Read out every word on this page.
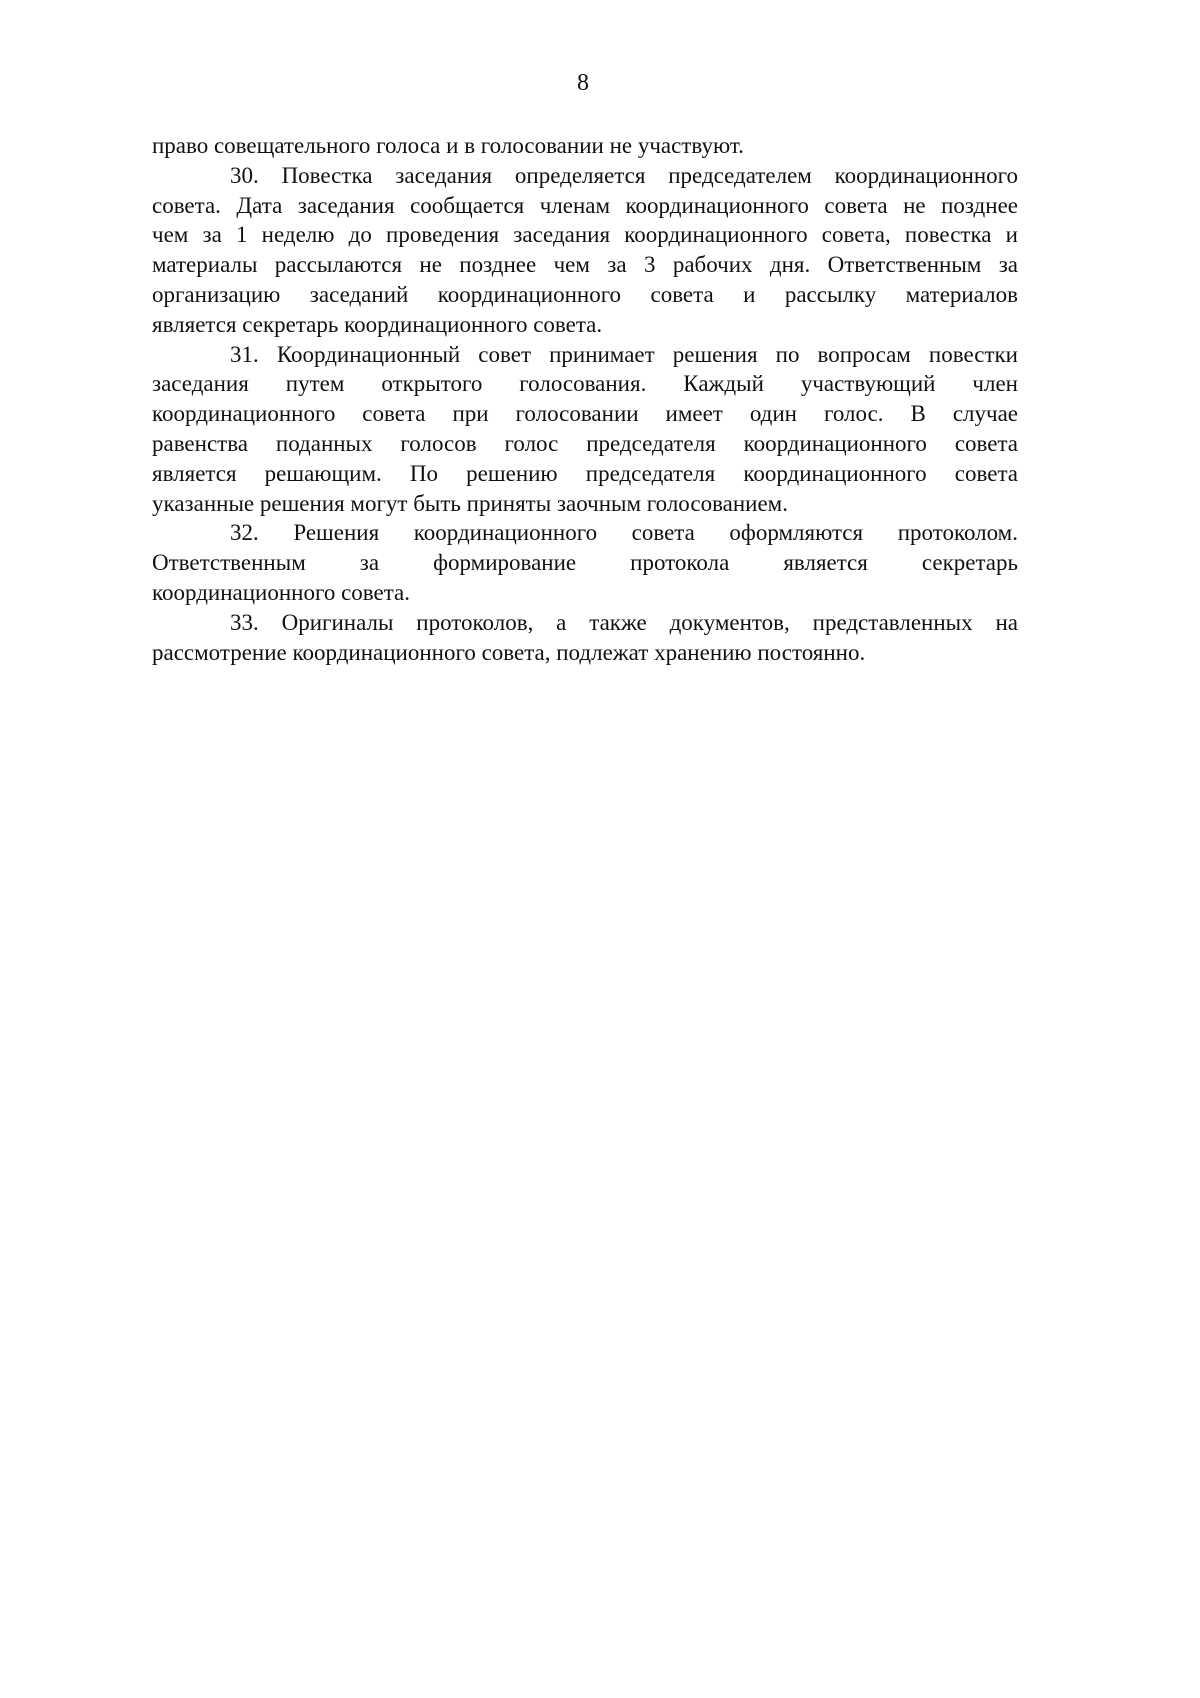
8
право совещательного голоса и в голосовании не участвуют.
30. Повестка заседания определяется председателем координационного
совета. Дата заседания сообщается членам координационного совета не позднее
чем за 1 неделю до проведения заседания координационного совета, повестка и
материалы рассылаются не позднее чем за 3 рабочих дня. Ответственным за
организацию заседаний координационного совета и рассылку материалов
является секретарь координационного совета.
31. Координационный совет принимает решения по вопросам повестки
заседания путем открытого голосования. Каждый участвующий член
координационного совета при голосовании имеет один голос. В случае
равенства поданных голосов голос председателя координационного совета
является решающим. По решению председателя координационного совета
указанные решения могут быть приняты заочным голосованием.
32. Решения координационного совета оформляются протоколом.
Ответственным за формирование протокола является секретарь
координационного совета.
33. Оригиналы протоколов, а также документов, представленных на
рассмотрение координационного совета, подлежат хранению постоянно.
